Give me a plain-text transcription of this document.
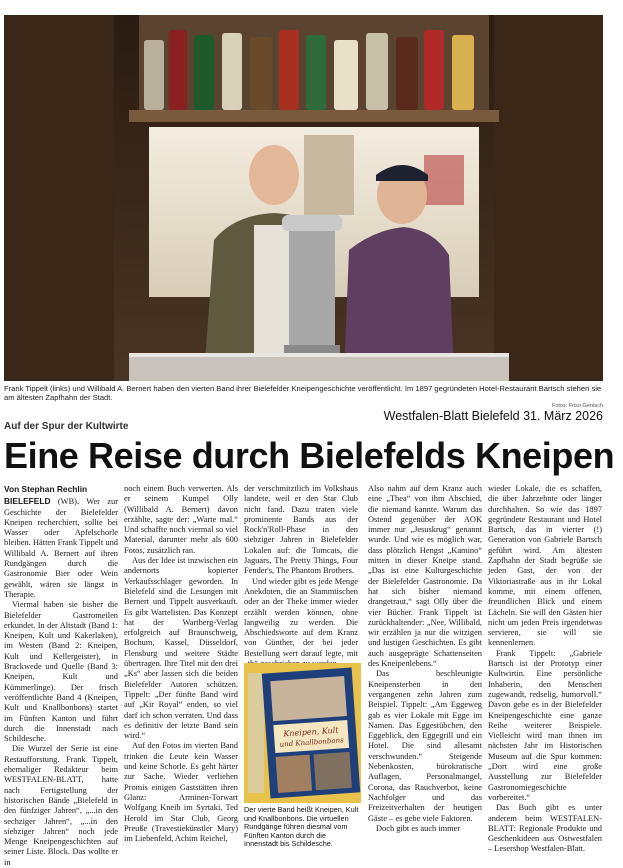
Frank Tippelt (links) und Willibald A. Bernert haben den vierten Band ihrer Bielefelder Kneipengeschichte veröffentlicht. Im 1897 gegründeten Hotel-Restaurant Bartsch stehen sie am ältesten Zapfhahn der Stadt.
Fotos: Friso Gentsch
Auf der Spur der Kultwirte
Westfalen-Blatt Bielefeld 31. März 2026
Eine Reise durch Bielefelds Kneipen
Von Stephan Rechlin

BIELEFELD (WB). Wer zur Geschichte der Bielefelder Kneipen recherchiert, sollte bei Wasser oder Apfelschorle bleiben. Hätten Frank Tippelt und Willibald A. Bernert auf ihren Rundgängen durch die Gastronomie Bier oder Wein gewählt, wären sie längst in Therapie.

Viermal haben sie bisher die Bielefelder Gastromeilen erkundet. In der Altstadt (Band 1: Kneipen, Kult und Kakerlaken), im Westen (Band 2: Kneipen, Kult und Kellergeister), in Brackwede und Quelle (Band 3: Kneipen, Kult und Kümmerlinge). Der frisch veröffentlichte Band 4 (Kneipen, Kult und Knallbonbons) startet im Fünften Kanton und führt durch die Innenstadt nach Schildesche.

Die Wurzel der Serie ist eine Restaufforstung. Frank Tippelt, ehemaliger Redakteur beim WESTFALEN-BLATT, hatte nach Fertigstellung der historischen Bände „Bielefeld in den fünfziger Jahren“, „...in den sechziger Jahren“, „...in den siebziger Jahren“ noch jede Menge Kneipengeschichten auf seiner Liste. Block. Das wollte er in

noch einem Buch verwerten. Als er seinem Kumpel Olly (Willibald A. Bernert) davon erzählte, sagte der: „Warte mal.“ Und schaffte noch viermal so viel Material, darunter mehr als 600 Fotos, zusätzlich ran.

Aus der Idee ist inzwischen ein andernorts kopierter Verkaufsschlager geworden. In Bielefeld sind die Lesungen mit Bernert und Tippelt ausverkauft. Es gibt Wartelisten. Das Konzept hat der Wartberg-Verlag erfolgreich auf Braunschweig, Bochum, Kassel, Düsseldorf, Flensburg und weitere Städte übertragen. Ihre Titel mit den drei „Ks“ aber lassen sich die beiden Bielefelder Autoren schützen. Tippelt: „Der fünfte Band wird auf „Kir Royal“ enden, so viel darf ich schon verraten. Und dass es definitiv der letzte Band sein wird.“

Auf den Fotos im vierten Band trinken die Leute kein Wasser und keine Schorle. Es geht härter zur Sache. Wieder verliehen Promis einigen Gaststätten ihren Glanz: Arminen-Torwart Wolfgang Kneib im Syrtaki, Ted Herold im Star Club, Georg Preuße (Travestiekünstler Mary) im Liebenfeld, Achim Reichel,

der verschmitztlich im Volkshaus landete, weil er den Star Club nicht fand. Dazu traten viele prominente Bands aus der Rock'n'Roll-Phase in den siebziger Jahren in Bielefelder Lokalen auf: die Tomcats, die Jaguars, The Pretty Things, Four Fender's, The Phantom Brothers.

Und wieder gibt es jede Menge Anekdoten, die an Stammtischen oder an der Theke immer wieder erzählt werden können, ohne langweilig zu werden. Die Abschiedsworte auf dem Kranz von Günther, der bei jeder Bestellung wert darauf legte, mit

Kneipen, Kult
und Knallbonbons
Der vierte Band heißt Kneipen, Kult und Knallbonbons. Die virtuellen Rundgänge führen diesmal vom Fünften Kanton durch die Innenstadt bis Schildesche.

Also nahm auf dem Kranz auch eine „Thea“ von ihm Abschied, die niemand kannte. Warum das Ostend gegenüber der AOK immer nur „Jesuskrug“ genannt wurde. Und wie es möglich war, dass plötzlich Hengst „Kamino“ mitten in dieser Kneipe stand. „Das ist eine Kulturgeschichte der Bielefelder Gastronomie. Da hat sich bisher niemand drangetraut,“ sagt Olly über die vier Bücher. Frank Tippelt ist zurückhaltender: „Nee, Willibald, wir erzählen ja nur die witzigen und lustigen Geschichten. Es gibt auch ausgeprägte Schattenseiten des Kneipenlebens.“

Das beschleunigte Kneipensterben in den vergangenen zehn Jahren zum Beispiel. Tippelt: „Am Eggeweg gab es vier Lokale mit Egge im Namen. Das Eggestübchen, den Eggeblick, den Eggegrill und ein Hotel. Die sind allesamt verschwunden.“ Steigende Nebenkosten, bürokratische Auflagen, Personalmangel, Corona, das Rauchverbot, keine Nachfolger und das Freizeitverhalten der heutigen Gäste – es gebe viele Faktoren.

Doch gibt es auch immer

wieder Lokale, die es schaffen, die über Jahrzehnte oder länger durchhalten. So wie das 1897 gegründete Restaurant und Hotel Bartsch, das in vierter (!) Generation von Gabriele Bartsch geführt wird. Am ältesten Zapfhahn der Stadt begrüße sie jeden Gast, der von der Viktoriastraße aus in ihr Lokal komme, mit einem offenen, freundlichen Blick und einem Lächeln. Sie will den Gästen hier nicht um jeden Preis irgendetwas servieren, sie will sie kennenlernen.

Frank Tippelt: „Gabriele Bartsch ist der Prototyp einer Kultwirtin. Eine persönliche Inhaberin, den Menschen zugewandt, redselig, humorvoll.“ Davon gebe es in der Bielefelder Kneipengeschichte eine ganze Reihe weiterer Beispiele. Vielleicht wird man ihnen im nächsten Jahr im Historischen Museum auf die Spur kommen: „Dort wird eine große Ausstellung zur Bielefelder Gastronomiegeschichte vorbereitet.“

Das Buch gibt es unter anderem beim WESTFALEN-BLATT: Regionale Produkte und Geschenkideen aus Ostwestfalen – Lesershop Westfalen-Blatt.
